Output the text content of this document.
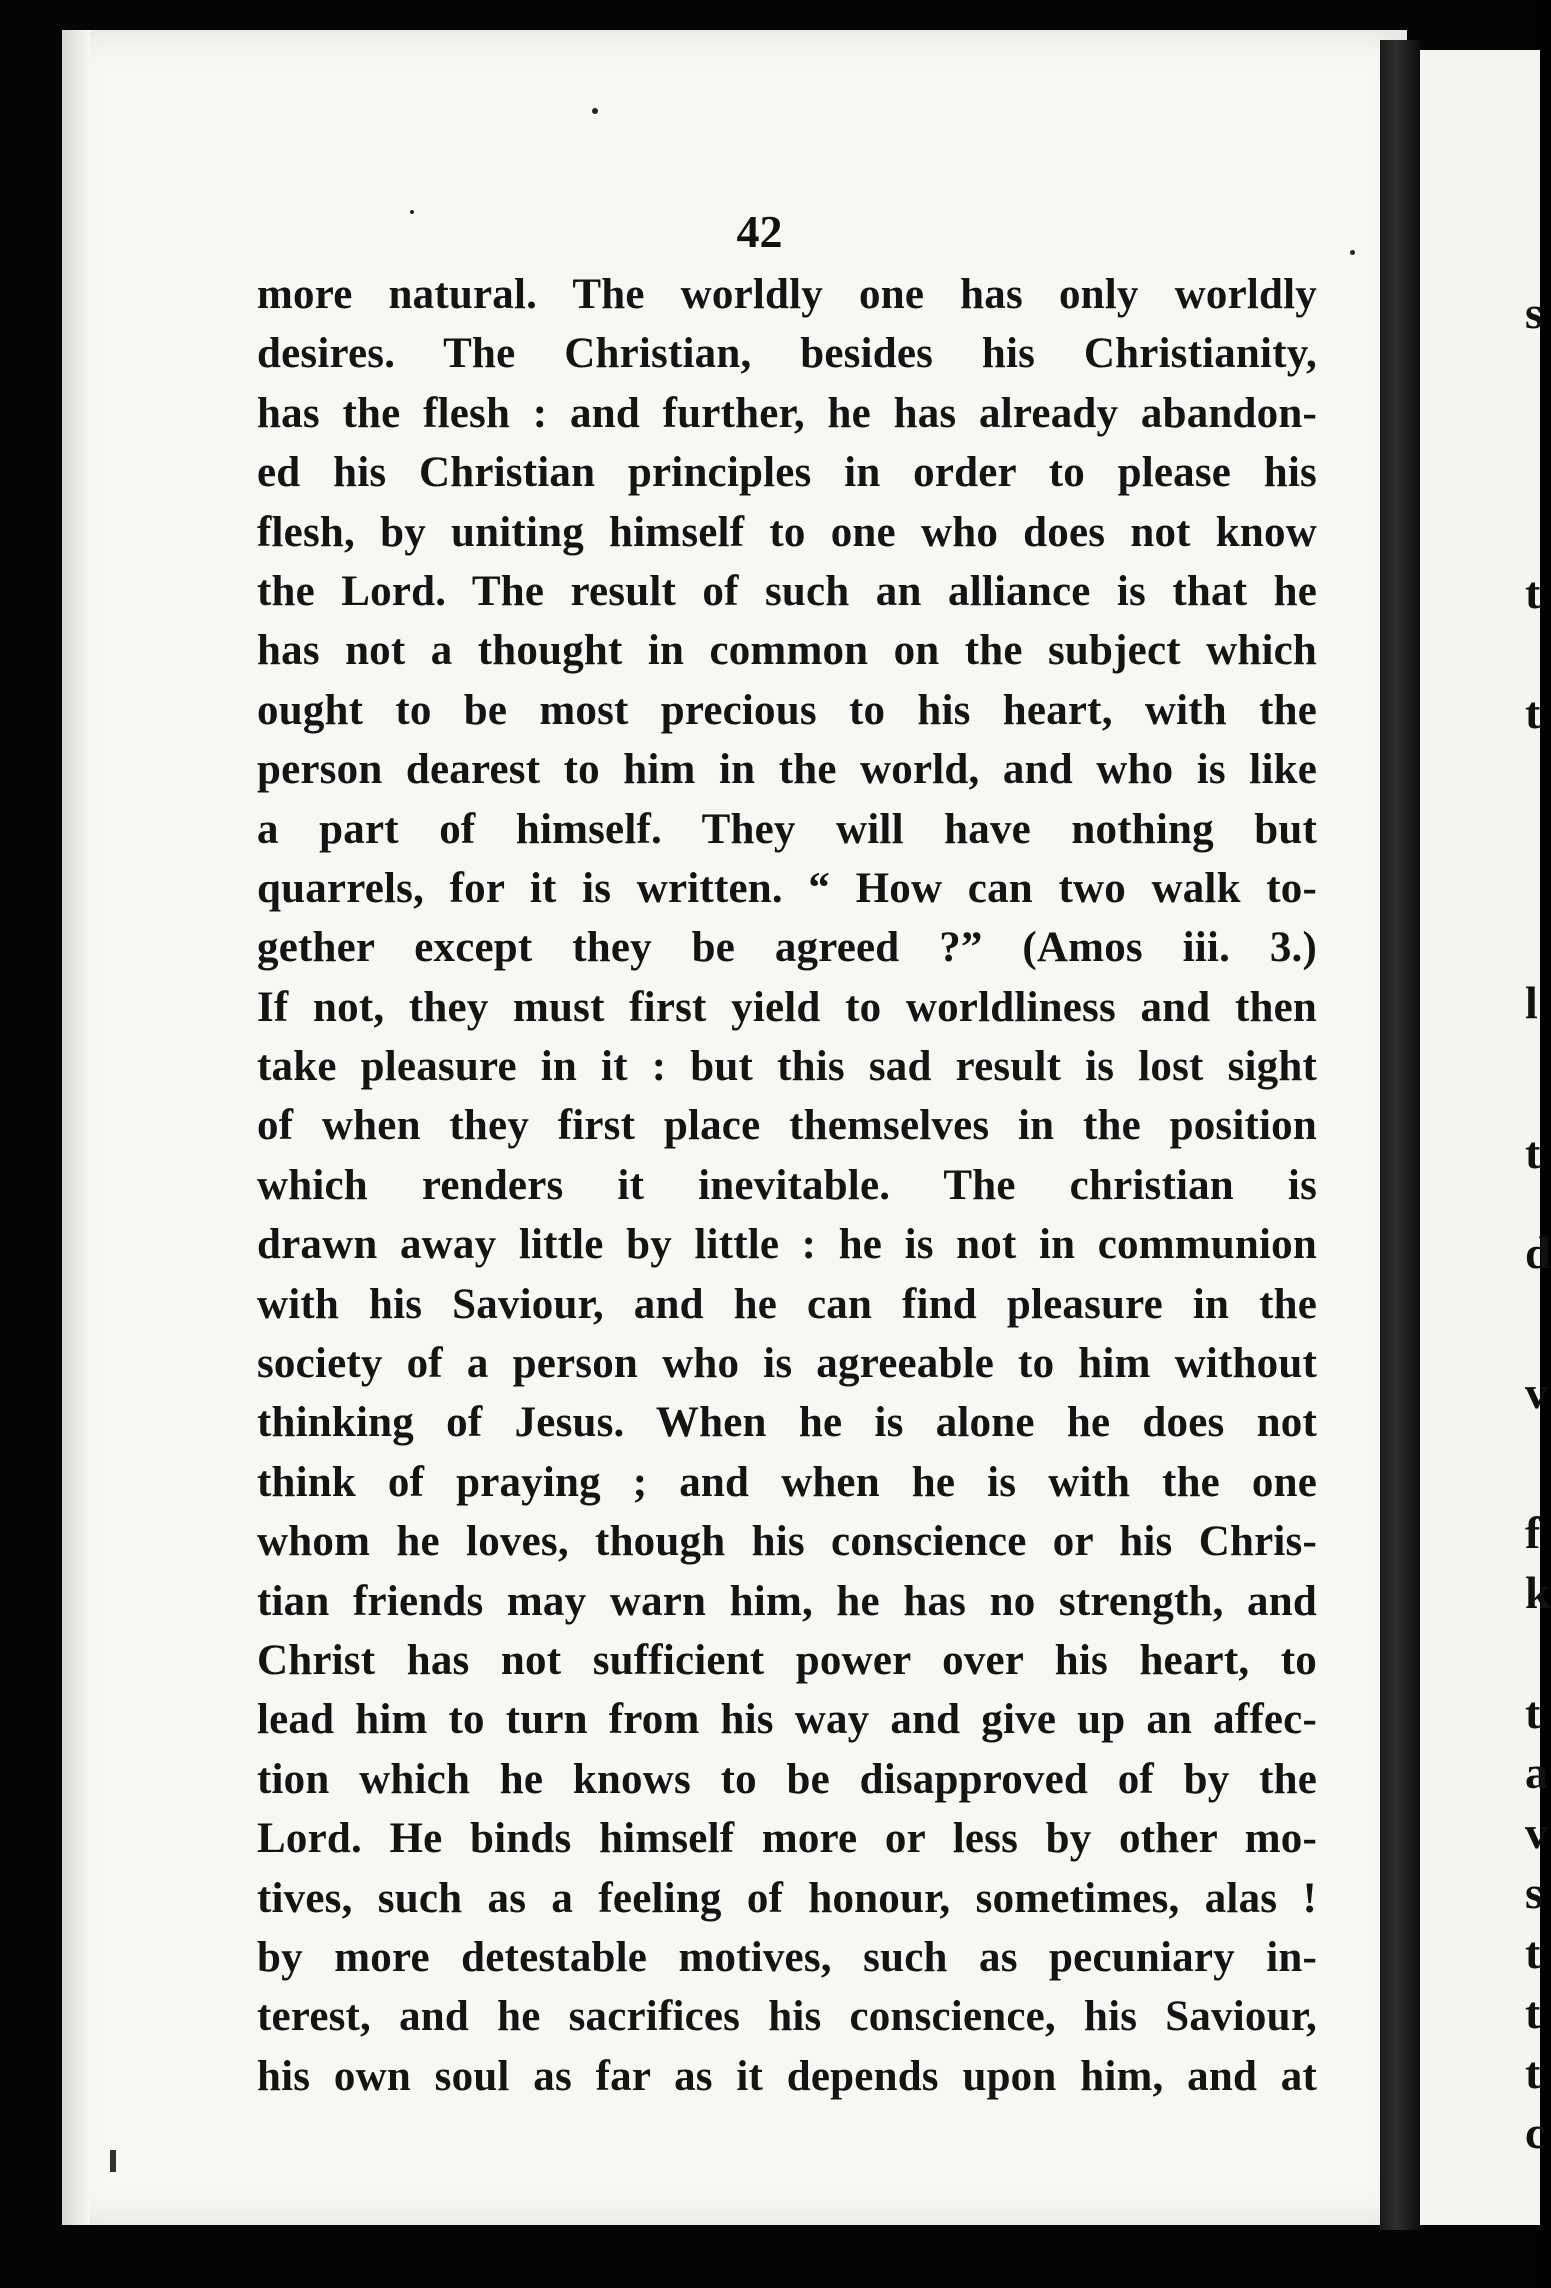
42
more natural. The worldly one has only worldly
desires. The Christian, besides his Christianity,
has the flesh : and further, he has already abandon-
ed his Christian principles in order to please his
flesh, by uniting himself to one who does not know
the Lord. The result of such an alliance is that he
has not a thought in common on the subject which
ought to be most precious to his heart, with the
person dearest to him in the world, and who is like
a part of himself. They will have nothing but
quarrels, for it is written. “ How can two walk to-
gether except they be agreed ?” (Amos iii. 3.)
If not, they must first yield to worldliness and then
take pleasure in it : but this sad result is lost sight
of when they first place themselves in the position
which renders it inevitable. The christian is
drawn away little by little : he is not in communion
with his Saviour, and he can find pleasure in the
society of a person who is agreeable to him without
thinking of Jesus. When he is alone he does not
think of praying ; and when he is with the one
whom he loves, though his conscience or his Chris-
tian friends may warn him, he has no strength, and
Christ has not sufficient power over his heart, to
lead him to turn from his way and give up an affec-
tion which he knows to be disapproved of by the
Lord. He binds himself more or less by other mo-
tives, such as a feeling of honour, sometimes, alas !
by more detestable motives, such as pecuniary in-
terest, and he sacrifices his conscience, his Saviour,
his own soul as far as it depends upon him, and at
s
t
t
l
t
d
v
f
k
t
a
v
s
t
t
t
c
